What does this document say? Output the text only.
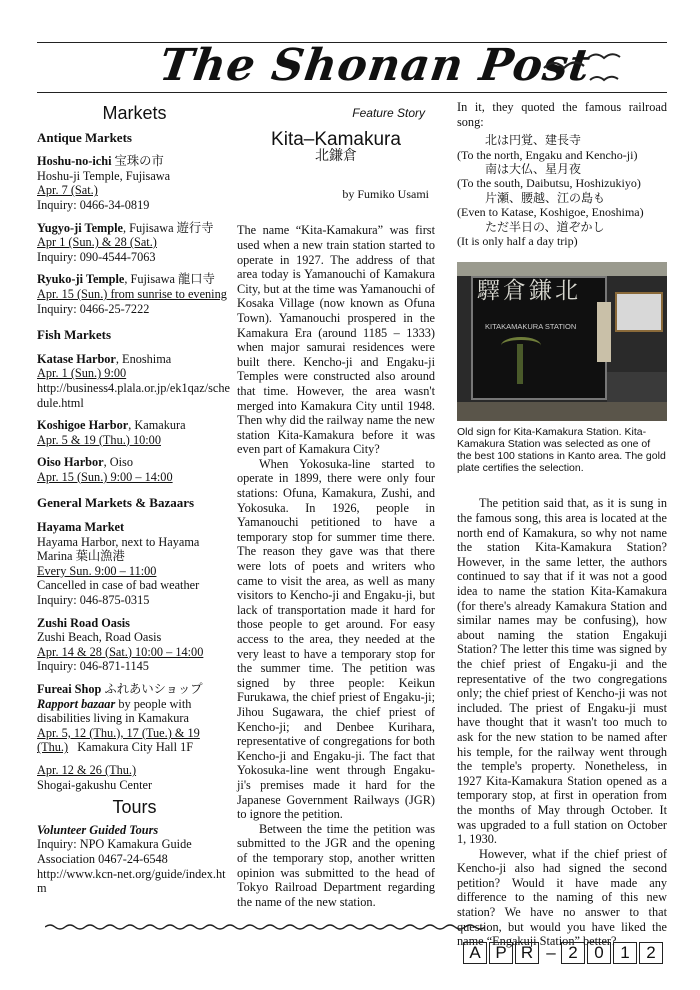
The Shonan Post
Markets
Antique Markets

Hoshu-no-ichi 宝珠の市
Hoshu-ji Temple, Fujisawa
Apr. 7 (Sat.)
Inquiry: 0466-34-0819

Yugyo-ji Temple, Fujisawa 遊行寺
Apr 1 (Sun.) & 28 (Sat.)
Inquiry: 090-4544-7063

Ryuko-ji Temple, Fujisawa 龍口寺
Apr. 15 (Sun.) from sunrise to evening Inquiry: 0466-25-7222

Fish Markets

Katase Harbor, Enoshima
Apr. 1 (Sun.) 9:00
http://business4.plala.or.jp/ek1qaz/schedule.html

Koshigoe Harbor, Kamakura
Apr. 5 & 19 (Thu.) 10:00

Oiso Harbor, Oiso
Apr. 15 (Sun.) 9:00 – 14:00

General Markets & Bazaars

Hayama Market
Hayama Harbor, next to Hayama Marina 葉山漁港
Every Sun. 9:00 – 11:00
Cancelled in case of bad weather
Inquiry: 046-875-0315

Zushi Road Oasis
Zushi Beach, Road Oasis
Apr. 14 & 28 (Sat.) 10:00 – 14:00
Inquiry: 046-871-1145

Fureai Shop ふれあいショップ
Rapport bazaar by people with disabilities living in Kamakura
Apr. 5, 12 (Thu.), 17 (Tue.) & 19 (Thu.)   Kamakura City Hall 1F

Apr. 12 & 26 (Thu.)
Shogai-gakushu Center

Tours

Volunteer Guided Tours
Inquiry: NPO Kamakura Guide Association 0467-24-6548
http://www.kcn-net.org/guide/index.htm

Feature Story
Kita–Kamakura
北鎌倉
by Fumiko Usami

The name “Kita-Kamakura” was first used when a new train station started to operate in 1927. The address of that area today is Yamanouchi of Kamakura City, but at the time was Yamanouchi of Kosaka Village (now known as Ofuna Town). Yamanouchi prospered in the Kamakura Era (around 1185 – 1333) when major samurai residences were built there. Kencho-ji and Engaku-ji Temples were constructed also around that time. However, the area wasn't merged into Kamakura City until 1948. Then why did the railway name the new station Kita-Kamakura before it was even part of Kamakura City?

When Yokosuka-line started to operate in 1899, there were only four stations: Ofuna, Kamakura, Zushi, and Yokosuka. In 1926, people in Yamanouchi petitioned to have a temporary stop for summer time there. The reason they gave was that there were lots of poets and writers who came to visit the area, as well as many visitors to Kencho-ji and Engaku-ji, but lack of transportation made it hard for those people to get around. For easy access to the area, they needed at the very least to have a temporary stop for the summer time. The petition was signed by three people: Keikun Furukawa, the chief priest of Engaku-ji; Jihou Sugawara, the chief priest of Kencho-ji; and Denbee Kurihara, representative of congregations for both Kencho-ji and Engaku-ji. The fact that Yokosuka-line went through Engaku-ji's premises made it hard for the Japanese Government Railways (JGR) to ignore the petition.

Between the time the petition was submitted to the JGR and the opening of the temporary stop, another written opinion was submitted to the head of Tokyo Railroad Department regarding the name of the new station.

In it, they quoted the famous railroad song:

北は円覚、建長寺
(To the north, Engaku and Kencho-ji)
南は大仏、星月夜
(To the south, Daibutsu, Hoshizukiyo)
片瀬、腰越、江の島も
(Even to Katase, Koshigoe, Enoshima)
ただ半日の、道ぞかし
(It is only half a day trip)
驛倉鎌北
KITAKAMAKURA STATION
Old sign for Kita-Kamakura Station. Kita-Kamakura Station was selected as one of the best 100 stations in Kanto area. The gold plate certifies the selection.

The petition said that, as it is sung in the famous song, this area is located at the north end of Kamakura, so why not name the station Kita-Kamakura Station? However, in the same letter, the authors continued to say that if it was not a good idea to name the station Kita-Kamakura (for there's already Kamakura Station and similar names may be confusing), how about naming the station Engakuji Station? The letter this time was signed by the chief priest of Engaku-ji and the representative of the two congregations only; the chief priest of Kencho-ji was not included. The priest of Engaku-ji must have thought that it wasn't too much to ask for the new station to be named after his temple, for the railway went through the temple's property. Nonetheless, in 1927 Kita-Kamakura Station opened as a temporary stop, at first in operation from the months of May through October. It was upgraded to a full station on October 1, 1930.

However, what if the chief priest of Kencho-ji also had signed the second petition? Would it have made any difference to the naming of this new station? We have no answer to that question, but would you have liked the name “Engakuji Station” better?

A P R – 2 0 1 2
